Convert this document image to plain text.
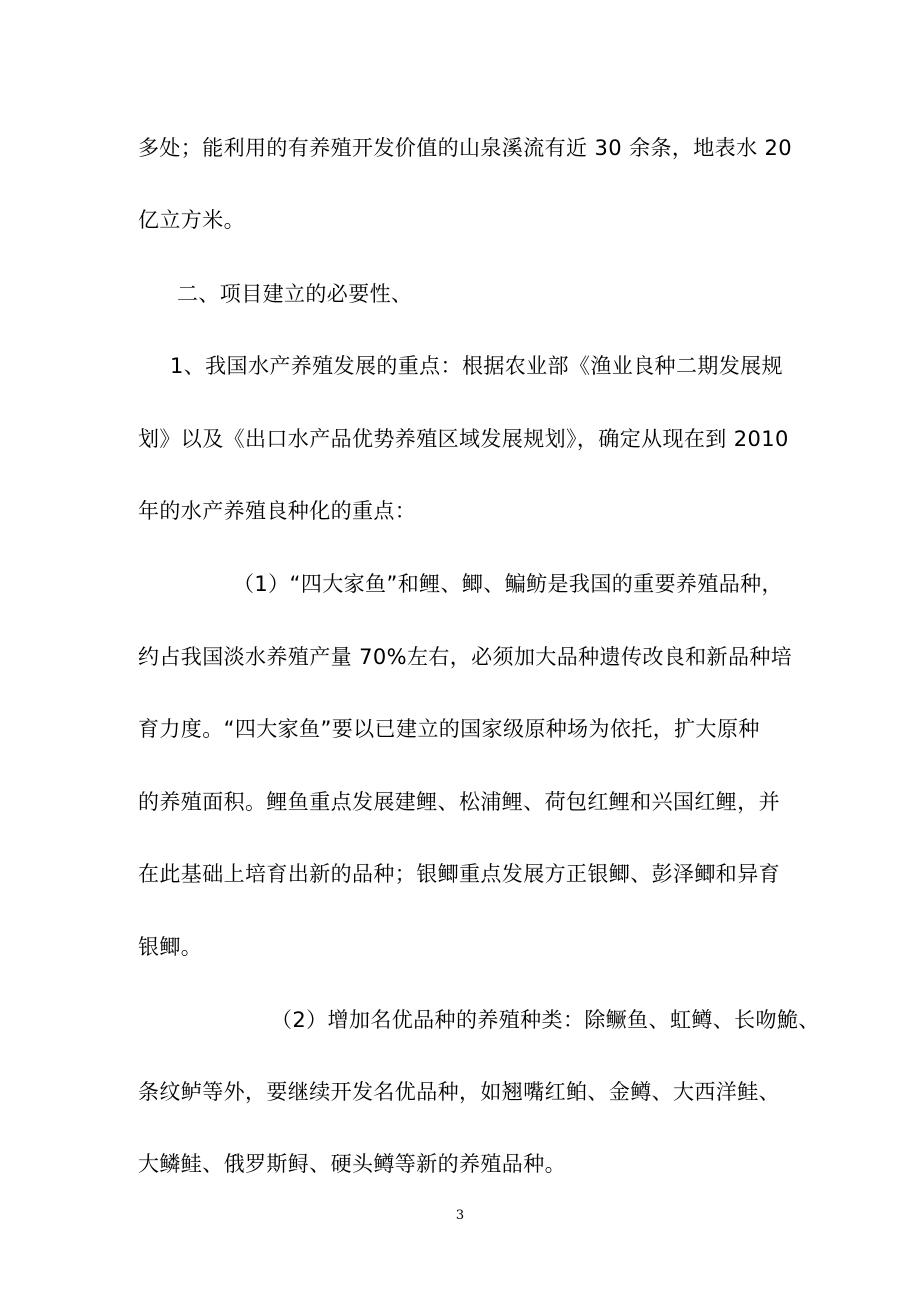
多处；能利用的有养殖开发价值的山泉溪流有近 30 余条，地表水 20
亿立方米。
二、项目建立的必要性、
1、我国水产养殖发展的重点：根据农业部《渔业良种二期发展规
划》以及《出口水产品优势养殖区域发展规划》，确定从现在到 2010
年的水产养殖良种化的重点：
（1）“四大家鱼”和鲤、鲫、鳊鲂是我国的重要养殖品种，
约占我国淡水养殖产量 70%左右，必须加大品种遗传改良和新品种培
育力度。“四大家鱼”要以已建立的国家级原种场为依托，扩大原种
的养殖面积。鲤鱼重点发展建鲤、松浦鲤、荷包红鲤和兴国红鲤，并
在此基础上培育出新的品种；银鲫重点发展方正银鲫、彭泽鲫和异育
银鲫。
（2）增加名优品种的养殖种类：除鳜鱼、虹鳟、长吻鮠、
条纹鲈等外，要继续开发名优品种，如翘嘴红鲌、金鳟、大西洋鲑、
大鳞鲑、俄罗斯鲟、硬头鳟等新的养殖品种。
3
